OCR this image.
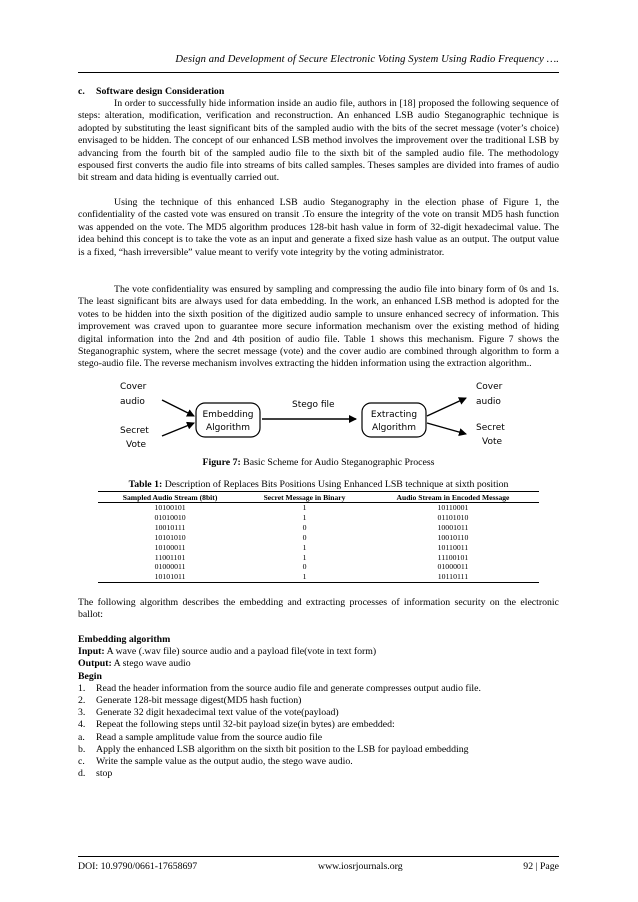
Design and Development of Secure Electronic Voting System Using Radio Frequency ….
c. Software design Consideration

In order to successfully hide information inside an audio file, authors in [18] proposed the following sequence of steps: alteration, modification, verification and reconstruction. An enhanced LSB audio Steganographic technique is adopted by substituting the least significant bits of the sampled audio with the bits of the secret message (voter’s choice) envisaged to be hidden. The concept of our enhanced LSB method involves the improvement over the traditional LSB by advancing from the fourth bit of the sampled audio file to the sixth bit of the sampled audio file. The methodology espoused first converts the audio file into streams of bits called samples. Theses samples are divided into frames of audio bit stream and data hiding is eventually carried out.

Using the technique of this enhanced LSB audio Steganography in the election phase of Figure 1, the confidentiality of the casted vote was ensured on transit .To ensure the integrity of the vote on transit MD5 hash function was appended on the vote. The MD5 algorithm produces 128-bit hash value in form of 32-digit hexadecimal value. The idea behind this concept is to take the vote as an input and generate a fixed size hash value as an output. The output value is a fixed, “hash irreversible” value meant to verify vote integrity by the voting administrator.

The vote confidentiality was ensured by sampling and compressing the audio file into binary form of 0s and 1s. The least significant bits are always used for data embedding. In the work, an enhanced LSB method is adopted for the votes to be hidden into the sixth position of the digitized audio sample to unsure enhanced secrecy of information. This improvement was craved upon to guarantee more secure information mechanism over the existing method of hiding digital information into the 2nd and 4th position of audio file. Table 1 shows this mechanism. Figure 7 shows the Steganographic system, where the secret message (vote) and the cover audio are combined through algorithm to form a stego-audio file. The reverse mechanism involves extracting the hidden information using the extraction algorithm..

Cover
audio
Secret
Vote
Embedding
Algorithm
Stego file
Extracting
Algorithm
Cover
audio
Secret
Vote
Figure 7: Basic Scheme for Audio Steganographic Process
Table 1: Description of Replaces Bits Positions Using Enhanced LSB technique at sixth position
Sampled Audio Stream (8bit)	Secret Message in Binary	Audio Stream in Encoded Message
10100101	1	10110001
01010010	1	01101010
10010111	0	10001011
10101010	0	10010110
10100011	1	10110011
11001101	1	11100101
01000011	0	01000011
10101011	1	10110111

The following algorithm describes the embedding and extracting processes of information security on the electronic ballot:

Embedding algorithm
Input: A wave (.wav file) source audio and a payload file(vote in text form)
Output: A stego wave audio
Begin
1.	Read the header information from the source audio file and generate compresses output audio file.
2.	Generate 128-bit message digest(MD5 hash fuction)
3.	Generate 32 digit hexadecimal text value of the vote(payload)
4.	Repeat the following steps until 32-bit payload size(in bytes) are embedded:
a.	Read a sample amplitude value from the source audio file
b.	Apply the enhanced LSB algorithm on the sixth bit position to the LSB for payload embedding
c.	Write the sample value as the output audio, the stego wave audio.
d.	stop
DOI: 10.9790/0661-17658697	www.iosrjournals.org	92 | Page
